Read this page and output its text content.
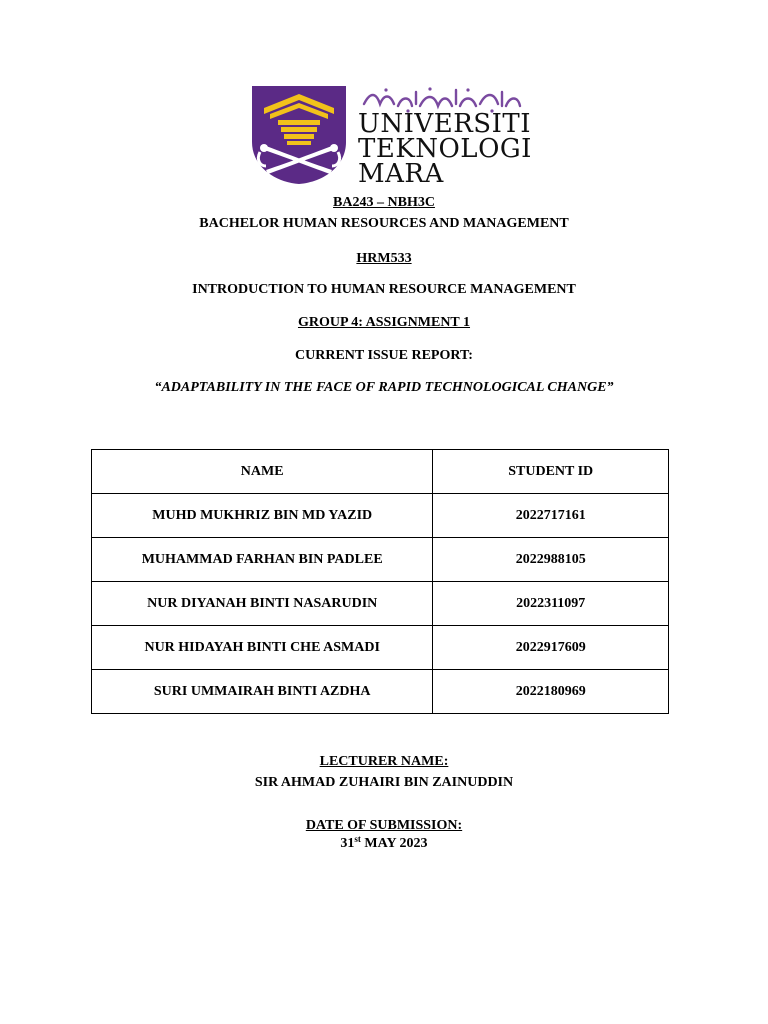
UNIVERSITI
TEKNOLOGI
MARA
BA243 – NBH3C
BACHELOR HUMAN RESOURCES AND MANAGEMENT
HRM533
INTRODUCTION TO HUMAN RESOURCE MANAGEMENT
GROUP 4: ASSIGNMENT 1
CURRENT ISSUE REPORT:
“ADAPTABILITY IN THE FACE OF RAPID TECHNOLOGICAL CHANGE”
NAME	STUDENT ID
MUHD MUKHRIZ BIN MD YAZID	2022717161
MUHAMMAD FARHAN BIN PADLEE	2022988105
NUR DIYANAH BINTI NASARUDIN	2022311097
NUR HIDAYAH BINTI CHE ASMADI	2022917609
SURI UMMAIRAH BINTI AZDHA	2022180969
LECTURER NAME:
SIR AHMAD ZUHAIRI BIN ZAINUDDIN
DATE OF SUBMISSION:
31st MAY 2023
